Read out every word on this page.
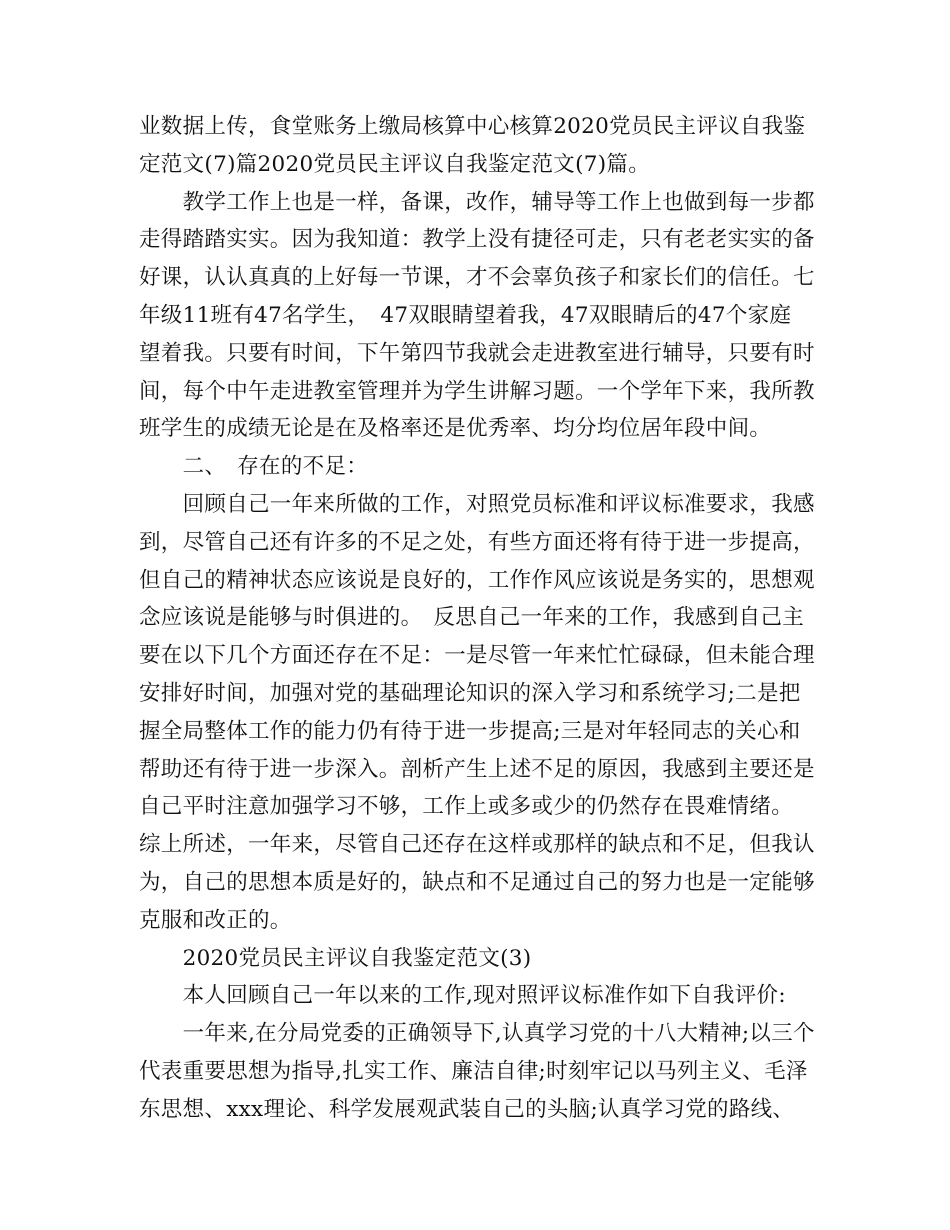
业数据上传，食堂账务上缴局核算中心核算2020党员民主评议自我鉴
定范文(7)篇2020党员民主评议自我鉴定范文(7)篇。
　　教学工作上也是一样，备课，改作，辅导等工作上也做到每一步都
走得踏踏实实。因为我知道：教学上没有捷径可走，只有老老实实的备
好课，认认真真的上好每一节课，才不会辜负孩子和家长们的信任。七
年级11班有47名学生，　47双眼睛望着我，47双眼睛后的47个家庭
望着我。只要有时间，下午第四节我就会走进教室进行辅导，只要有时
间，每个中午走进教室管理并为学生讲解习题。一个学年下来，我所教
班学生的成绩无论是在及格率还是优秀率、均分均位居年段中间。
　　二、　存在的不足：
　　回顾自己一年来所做的工作，对照党员标准和评议标准要求，我感
到，尽管自己还有许多的不足之处，有些方面还将有待于进一步提高，
但自己的精神状态应该说是良好的，工作作风应该说是务实的，思想观
念应该说是能够与时俱进的。　反思自己一年来的工作，我感到自己主
要在以下几个方面还存在不足：一是尽管一年来忙忙碌碌，但未能合理
安排好时间，加强对党的基础理论知识的深入学习和系统学习;二是把
握全局整体工作的能力仍有待于进一步提高;三是对年轻同志的关心和
帮助还有待于进一步深入。剖析产生上述不足的原因，我感到主要还是
自己平时注意加强学习不够，工作上或多或少的仍然存在畏难情绪。
综上所述，一年来，尽管自己还存在这样或那样的缺点和不足，但我认
为，自己的思想本质是好的，缺点和不足通过自己的努力也是一定能够
克服和改正的。
　　2020党员民主评议自我鉴定范文(3)
　　本人回顾自己一年以来的工作,现对照评议标准作如下自我评价:
　　一年来,在分局党委的正确领导下,认真学习党的十八大精神;以三个
代表重要思想为指导,扎实工作、廉洁自律;时刻牢记以马列主义、毛泽
东思想、xxx理论、科学发展观武装自己的头脑;认真学习党的路线、
